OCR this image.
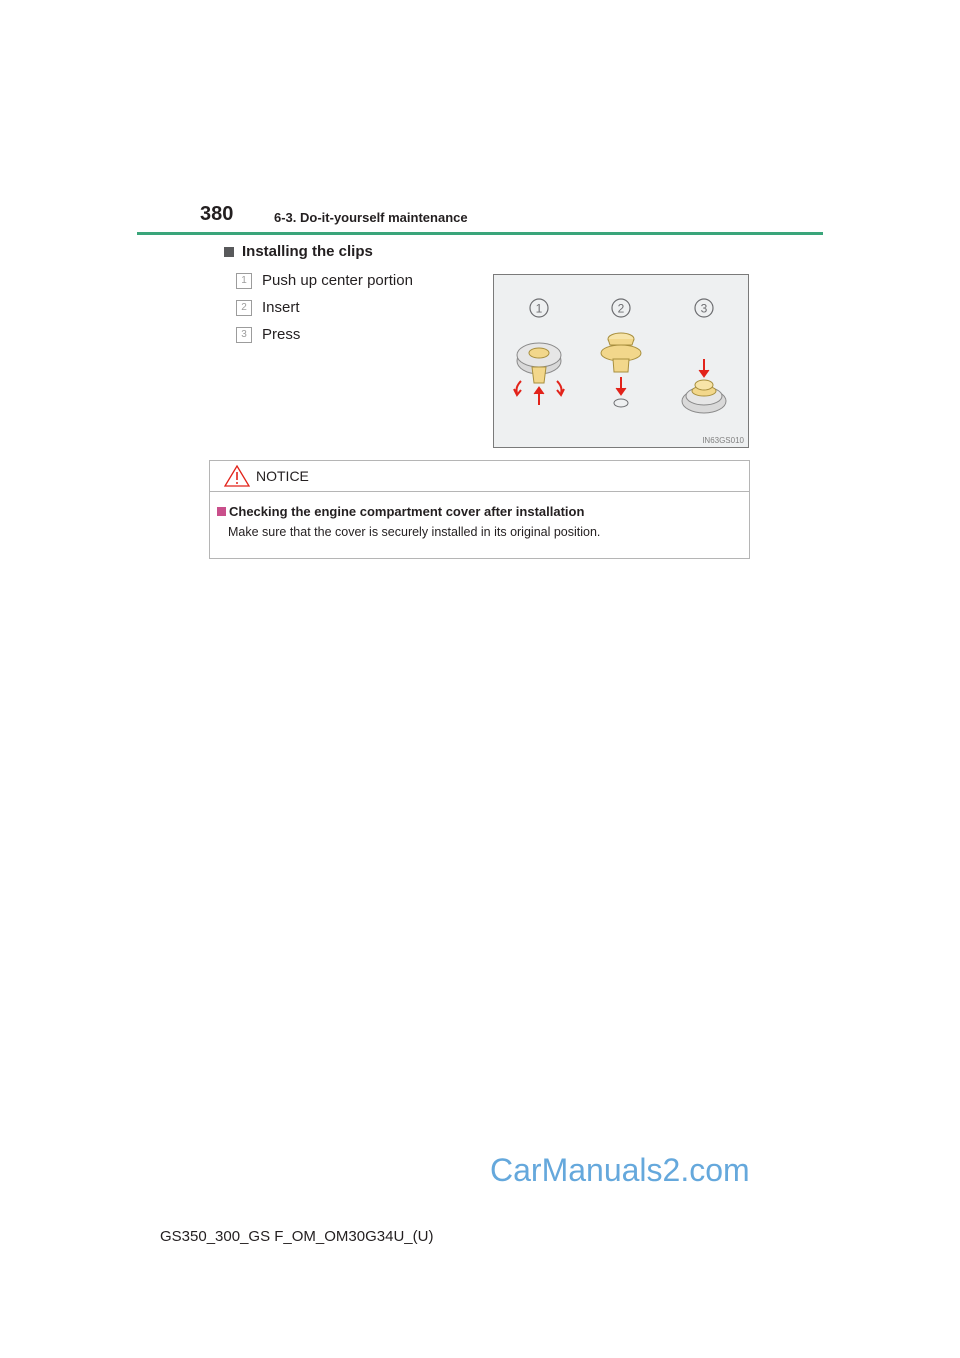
380	6-3. Do-it-yourself maintenance
Installing the clips
1	Push up center portion
2	Insert
3	Press
1	2	3
IN63GS010
NOTICE
Checking the engine compartment cover after installation
Make sure that the cover is securely installed in its original position.
CarManuals2.com
GS350_300_GS F_OM_OM30G34U_(U)
